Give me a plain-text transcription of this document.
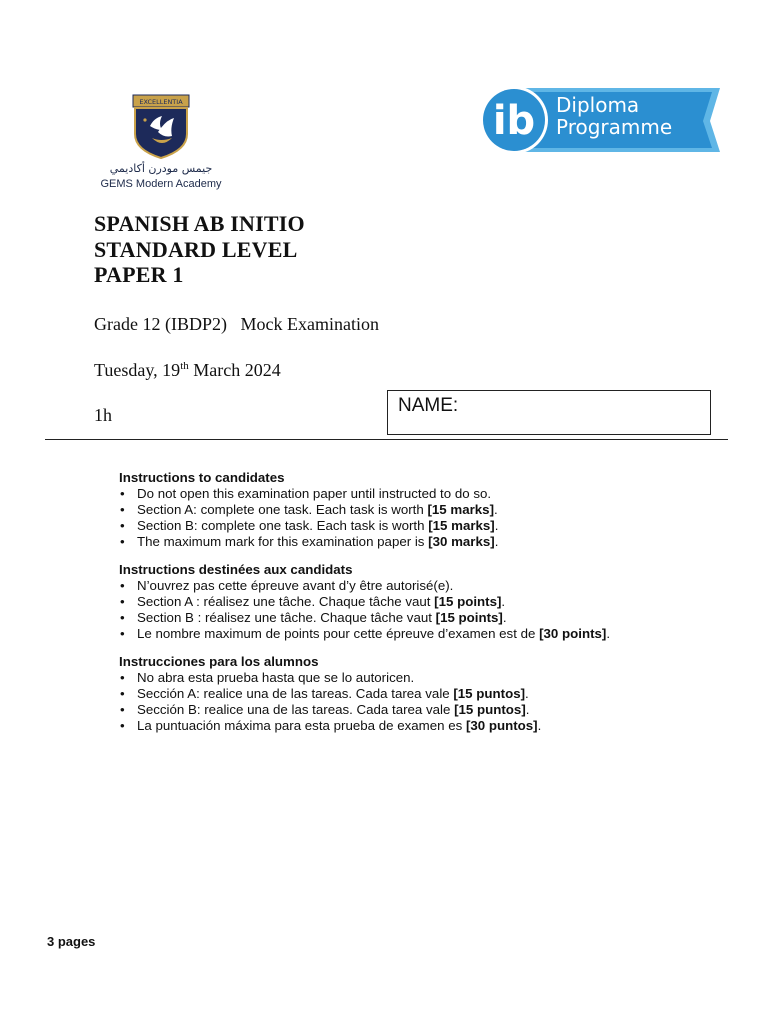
EXCELLENTIA
جيمس مودرن أكاديمي
GEMS Modern Academy
ib Diploma
Programme
SPANISH AB INITIO
STANDARD LEVEL
PAPER 1
Grade 12 (IBDP2)   Mock Examination
Tuesday, 19th March 2024
1h	NAME:
Instructions to candidates
• Do not open this examination paper until instructed to do so.
• Section A: complete one task. Each task is worth [15 marks].
• Section B: complete one task. Each task is worth [15 marks].
• The maximum mark for this examination paper is [30 marks].
Instructions destinées aux candidats
• N’ouvrez pas cette épreuve avant d’y être autorisé(e).
• Section A : réalisez une tâche. Chaque tâche vaut [15 points].
• Section B : réalisez une tâche. Chaque tâche vaut [15 points].
• Le nombre maximum de points pour cette épreuve d’examen est de [30 points].
Instrucciones para los alumnos
• No abra esta prueba hasta que se lo autoricen.
• Sección A: realice una de las tareas. Cada tarea vale [15 puntos].
• Sección B: realice una de las tareas. Cada tarea vale [15 puntos].
• La puntuación máxima para esta prueba de examen es [30 puntos].
3 pages
